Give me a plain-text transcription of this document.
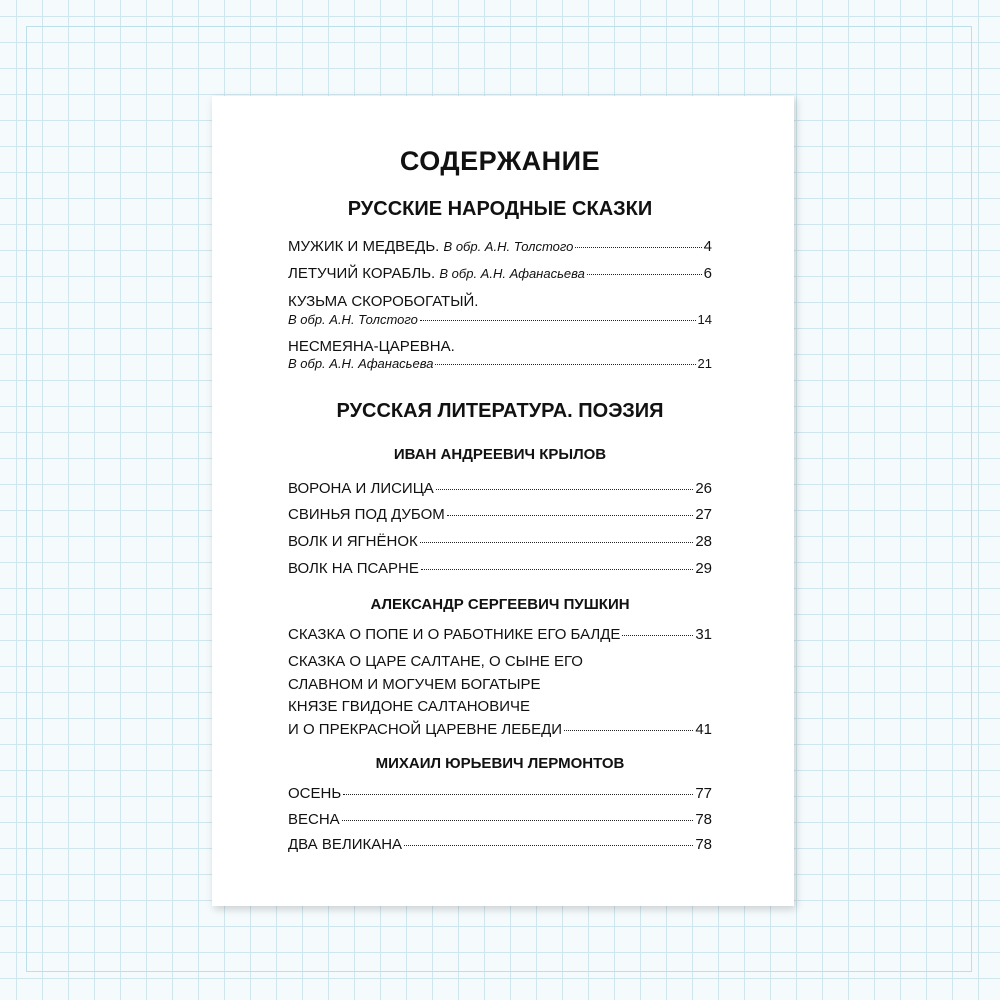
СОДЕРЖАНИЕ
РУССКИЕ НАРОДНЫЕ СКАЗКИ
МУЖИК И МЕДВЕДЬ. В обр. А.Н. Толстого	4
ЛЕТУЧИЙ КОРАБЛЬ. В обр. А.Н. Афанасьева	6
КУЗЬМА СКОРОБОГАТЫЙ.
В обр. А.Н. Толстого	14
НЕСМЕЯНА-ЦАРЕВНА.
В обр. А.Н. Афанасьева	21
РУССКАЯ ЛИТЕРАТУРА. ПОЭЗИЯ
ИВАН АНДРЕЕВИЧ КРЫЛОВ
ВОРОНА И ЛИСИЦА	26
СВИНЬЯ ПОД ДУБОМ	27
ВОЛК И ЯГНЁНОК	28
ВОЛК НА ПСАРНЕ	29
АЛЕКСАНДР СЕРГЕЕВИЧ ПУШКИН
СКАЗКА О ПОПЕ И О РАБОТНИКЕ ЕГО БАЛДЕ	31
СКАЗКА О ЦАРЕ САЛТАНЕ, О СЫНЕ ЕГО
СЛАВНОМ И МОГУЧЕМ БОГАТЫРЕ
КНЯЗЕ ГВИДОНЕ САЛТАНОВИЧЕ
И О ПРЕКРАСНОЙ ЦАРЕВНЕ ЛЕБЕДИ	41
МИХАИЛ ЮРЬЕВИЧ ЛЕРМОНТОВ
ОСЕНЬ	77
ВЕСНА	78
ДВА ВЕЛИКАНА	78
